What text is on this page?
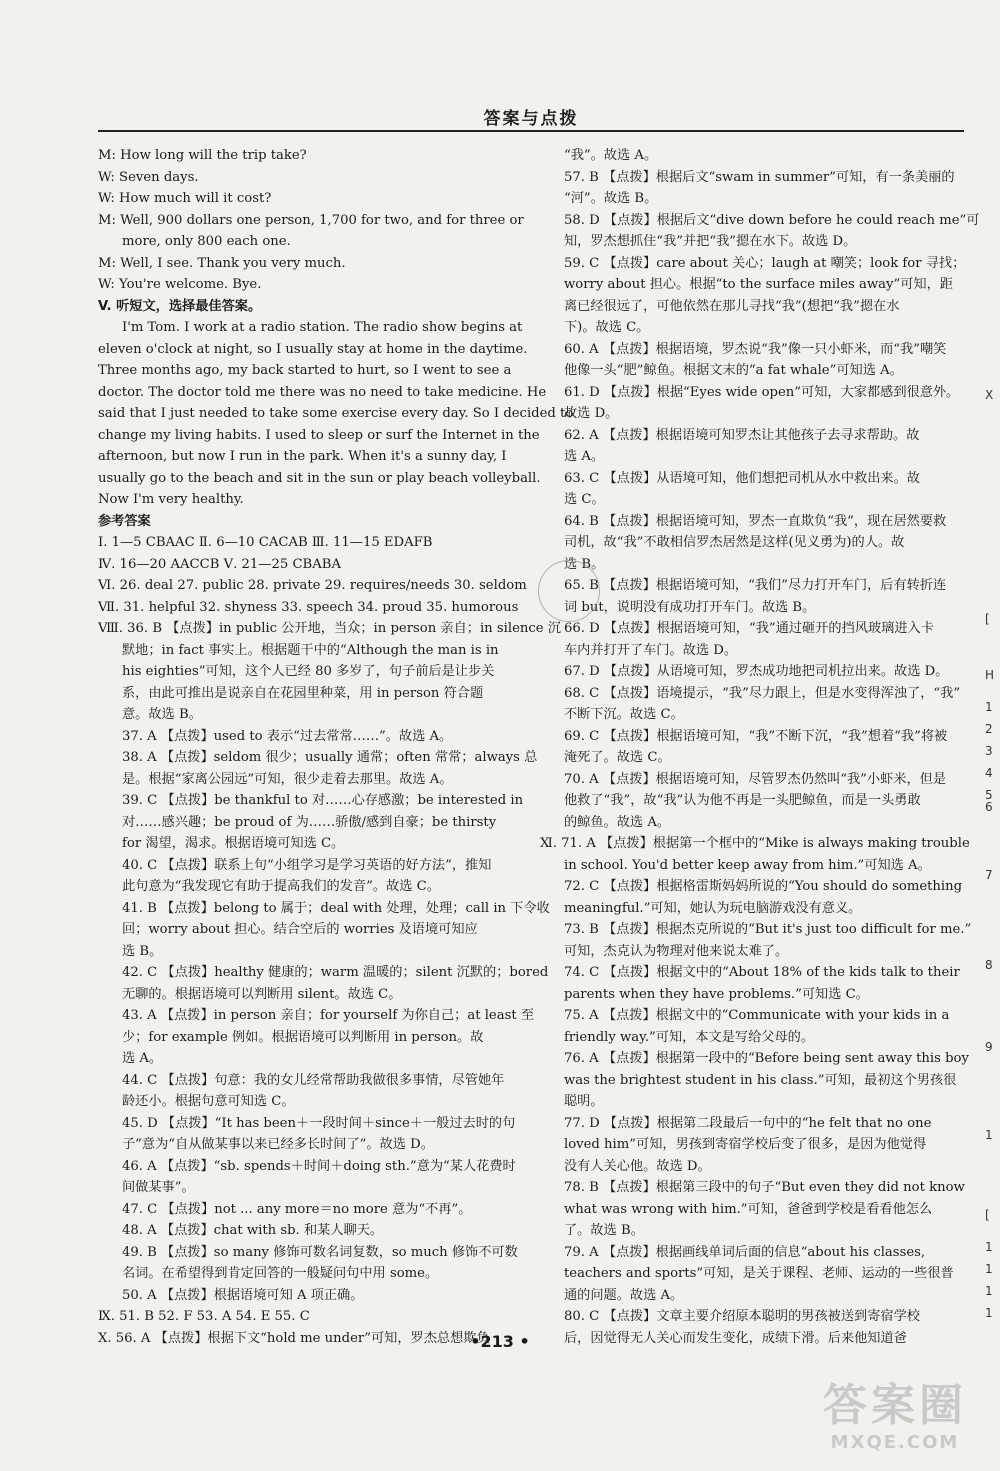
答案与点拨
M: How long will the trip take?
W: Seven days.
W: How much will it cost?
M: Well, 900 dollars one person, 1,700 for two, and for three or
more, only 800 each one.
M: Well, I see. Thank you very much.
W: You're welcome. Bye.
V. 听短文，选择最佳答案。
I'm Tom. I work at a radio station. The radio show begins at
eleven o'clock at night, so I usually stay at home in the daytime.
Three months ago, my back started to hurt, so I went to see a
doctor. The doctor told me there was no need to take medicine. He
said that I just needed to take some exercise every day. So I decided to
change my living habits. I used to sleep or surf the Internet in the
afternoon, but now I run in the park. When it's a sunny day, I
usually go to the beach and sit in the sun or play beach volleyball.
Now I'm very healthy.
参考答案
Ⅰ. 1—5 CBAAC Ⅱ. 6—10 CACAB Ⅲ. 11—15 EDAFB
Ⅳ. 16—20 AACCB Ⅴ. 21—25 CBABA
Ⅵ. 26. deal 27. public 28. private 29. requires/needs 30. seldom
Ⅶ. 31. helpful 32. shyness 33. speech 34. proud 35. humorous
Ⅷ. 36. B 【点拨】in public 公开地，当众；in person 亲自；in silence 沉
默地；in fact 事实上。根据题干中的“Although the man is in
his eighties”可知，这个人已经 80 多岁了，句子前后是让步关
系，由此可推出是说亲自在花园里种菜，用 in person 符合题
意。故选 B。
37. A 【点拨】used to 表示“过去常常……”。故选 A。
38. A 【点拨】seldom 很少；usually 通常；often 常常；always 总
是。根据“家离公园远”可知，很少走着去那里。故选 A。
39. C 【点拨】be thankful to 对……心存感激；be interested in
对……感兴趣；be proud of 为……骄傲/感到自豪；be thirsty
for 渴望，渴求。根据语境可知选 C。
40. C 【点拨】联系上句“小组学习是学习英语的好方法”，推知
此句意为“我发现它有助于提高我们的发音”。故选 C。
41. B 【点拨】belong to 属于；deal with 处理，处理；call in 下令收
回；worry about 担心。结合空后的 worries 及语境可知应
选 B。
42. C 【点拨】healthy 健康的；warm 温暖的；silent 沉默的；bored
无聊的。根据语境可以判断用 silent。故选 C。
43. A 【点拨】in person 亲自；for yourself 为你自己；at least 至
少；for example 例如。根据语境可以判断用 in person。故
选 A。
44. C 【点拨】句意：我的女儿经常帮助我做很多事情，尽管她年
龄还小。根据句意可知选 C。
45. D 【点拨】“It has been＋一段时间＋since＋一般过去时的句
子”意为“自从做某事以来已经多长时间了”。故选 D。
46. A 【点拨】“sb. spends＋时间＋doing sth.”意为“某人花费时
间做某事”。
47. C 【点拨】not ... any more＝no more 意为“不再”。
48. A 【点拨】chat with sb. 和某人聊天。
49. B 【点拨】so many 修饰可数名词复数，so much 修饰不可数
名词。在希望得到肯定回答的一般疑问句中用 some。
50. A 【点拨】根据语境可知 A 项正确。
Ⅸ. 51. B 52. F 53. A 54. E 55. C
Ⅹ. 56. A 【点拨】根据下文“hold me under”可知，罗杰总想欺负
“我”。故选 A。
57. B 【点拨】根据后文“swam in summer”可知，有一条美丽的
“河”。故选 B。
58. D 【点拨】根据后文“dive down before he could reach me”可
知，罗杰想抓住“我”并把“我”摁在水下。故选 D。
59. C 【点拨】care about 关心；laugh at 嘲笑；look for 寻找；
worry about 担心。根据“to the surface miles away”可知，距
离已经很远了，可他依然在那儿寻找“我”(想把“我”摁在水
下)。故选 C。
60. A 【点拨】根据语境，罗杰说“我”像一只小虾米，而“我”嘲笑
他像一头“肥”鲸鱼。根据文末的“a fat whale”可知选 A。
61. D 【点拨】根据“Eyes wide open”可知，大家都感到很意外。
故选 D。
62. A 【点拨】根据语境可知罗杰让其他孩子去寻求帮助。故
选 A。
63. C 【点拨】从语境可知，他们想把司机从水中救出来。故
选 C。
64. B 【点拨】根据语境可知，罗杰一直欺负“我”，现在居然要救
司机，故“我”不敢相信罗杰居然是这样(见义勇为)的人。故
选 B。
65. B 【点拨】根据语境可知，“我们”尽力打开车门，后有转折连
词 but，说明没有成功打开车门。故选 B。
66. D 【点拨】根据语境可知，“我”通过砸开的挡风玻璃进入卡
车内并打开了车门。故选 D。
67. D 【点拨】从语境可知，罗杰成功地把司机拉出来。故选 D。
68. C 【点拨】语境提示，“我”尽力跟上，但是水变得浑浊了，“我”
不断下沉。故选 C。
69. C 【点拨】根据语境可知，“我”不断下沉，“我”想着“我”将被
淹死了。故选 C。
70. A 【点拨】根据语境可知，尽管罗杰仍然叫“我”小虾米，但是
他救了“我”，故“我”认为他不再是一头肥鲸鱼，而是一头勇敢
的鲸鱼。故选 A。
Ⅺ. 71. A 【点拨】根据第一个框中的“Mike is always making trouble
in school. You'd better keep away from him.”可知选 A。
72. C 【点拨】根据格雷斯妈妈所说的“You should do something
meaningful.”可知，她认为玩电脑游戏没有意义。
73. B 【点拨】根据杰克所说的“But it's just too difficult for me.”
可知，杰克认为物理对他来说太难了。
74. C 【点拨】根据文中的“About 18% of the kids talk to their
parents when they have problems.”可知选 C。
75. A 【点拨】根据文中的“Communicate with your kids in a
friendly way.”可知，本文是写给父母的。
76. A 【点拨】根据第一段中的“Before being sent away this boy
was the brightest student in his class.”可知，最初这个男孩很
聪明。
77. D 【点拨】根据第二段最后一句中的“he felt that no one
loved him”可知，男孩到寄宿学校后变了很多，是因为他觉得
没有人关心他。故选 D。
78. B 【点拨】根据第三段中的句子“But even they did not know
what was wrong with him.”可知，爸爸到学校是看看他怎么
了。故选 B。
79. A 【点拨】根据画线单词后面的信息“about his classes,
teachers and sports”可知，是关于课程、老师、运动的一些很普
通的问题。故选 A。
80. C 【点拨】文章主要介绍原本聪明的男孩被送到寄宿学校
后，因觉得无人关心而发生变化，成绩下滑。后来他知道爸
•213 •
X
[
H
1
2
3
4
5
6
7
8
9
1
[
1
1
1
1
答案圈
MXQE.COM
